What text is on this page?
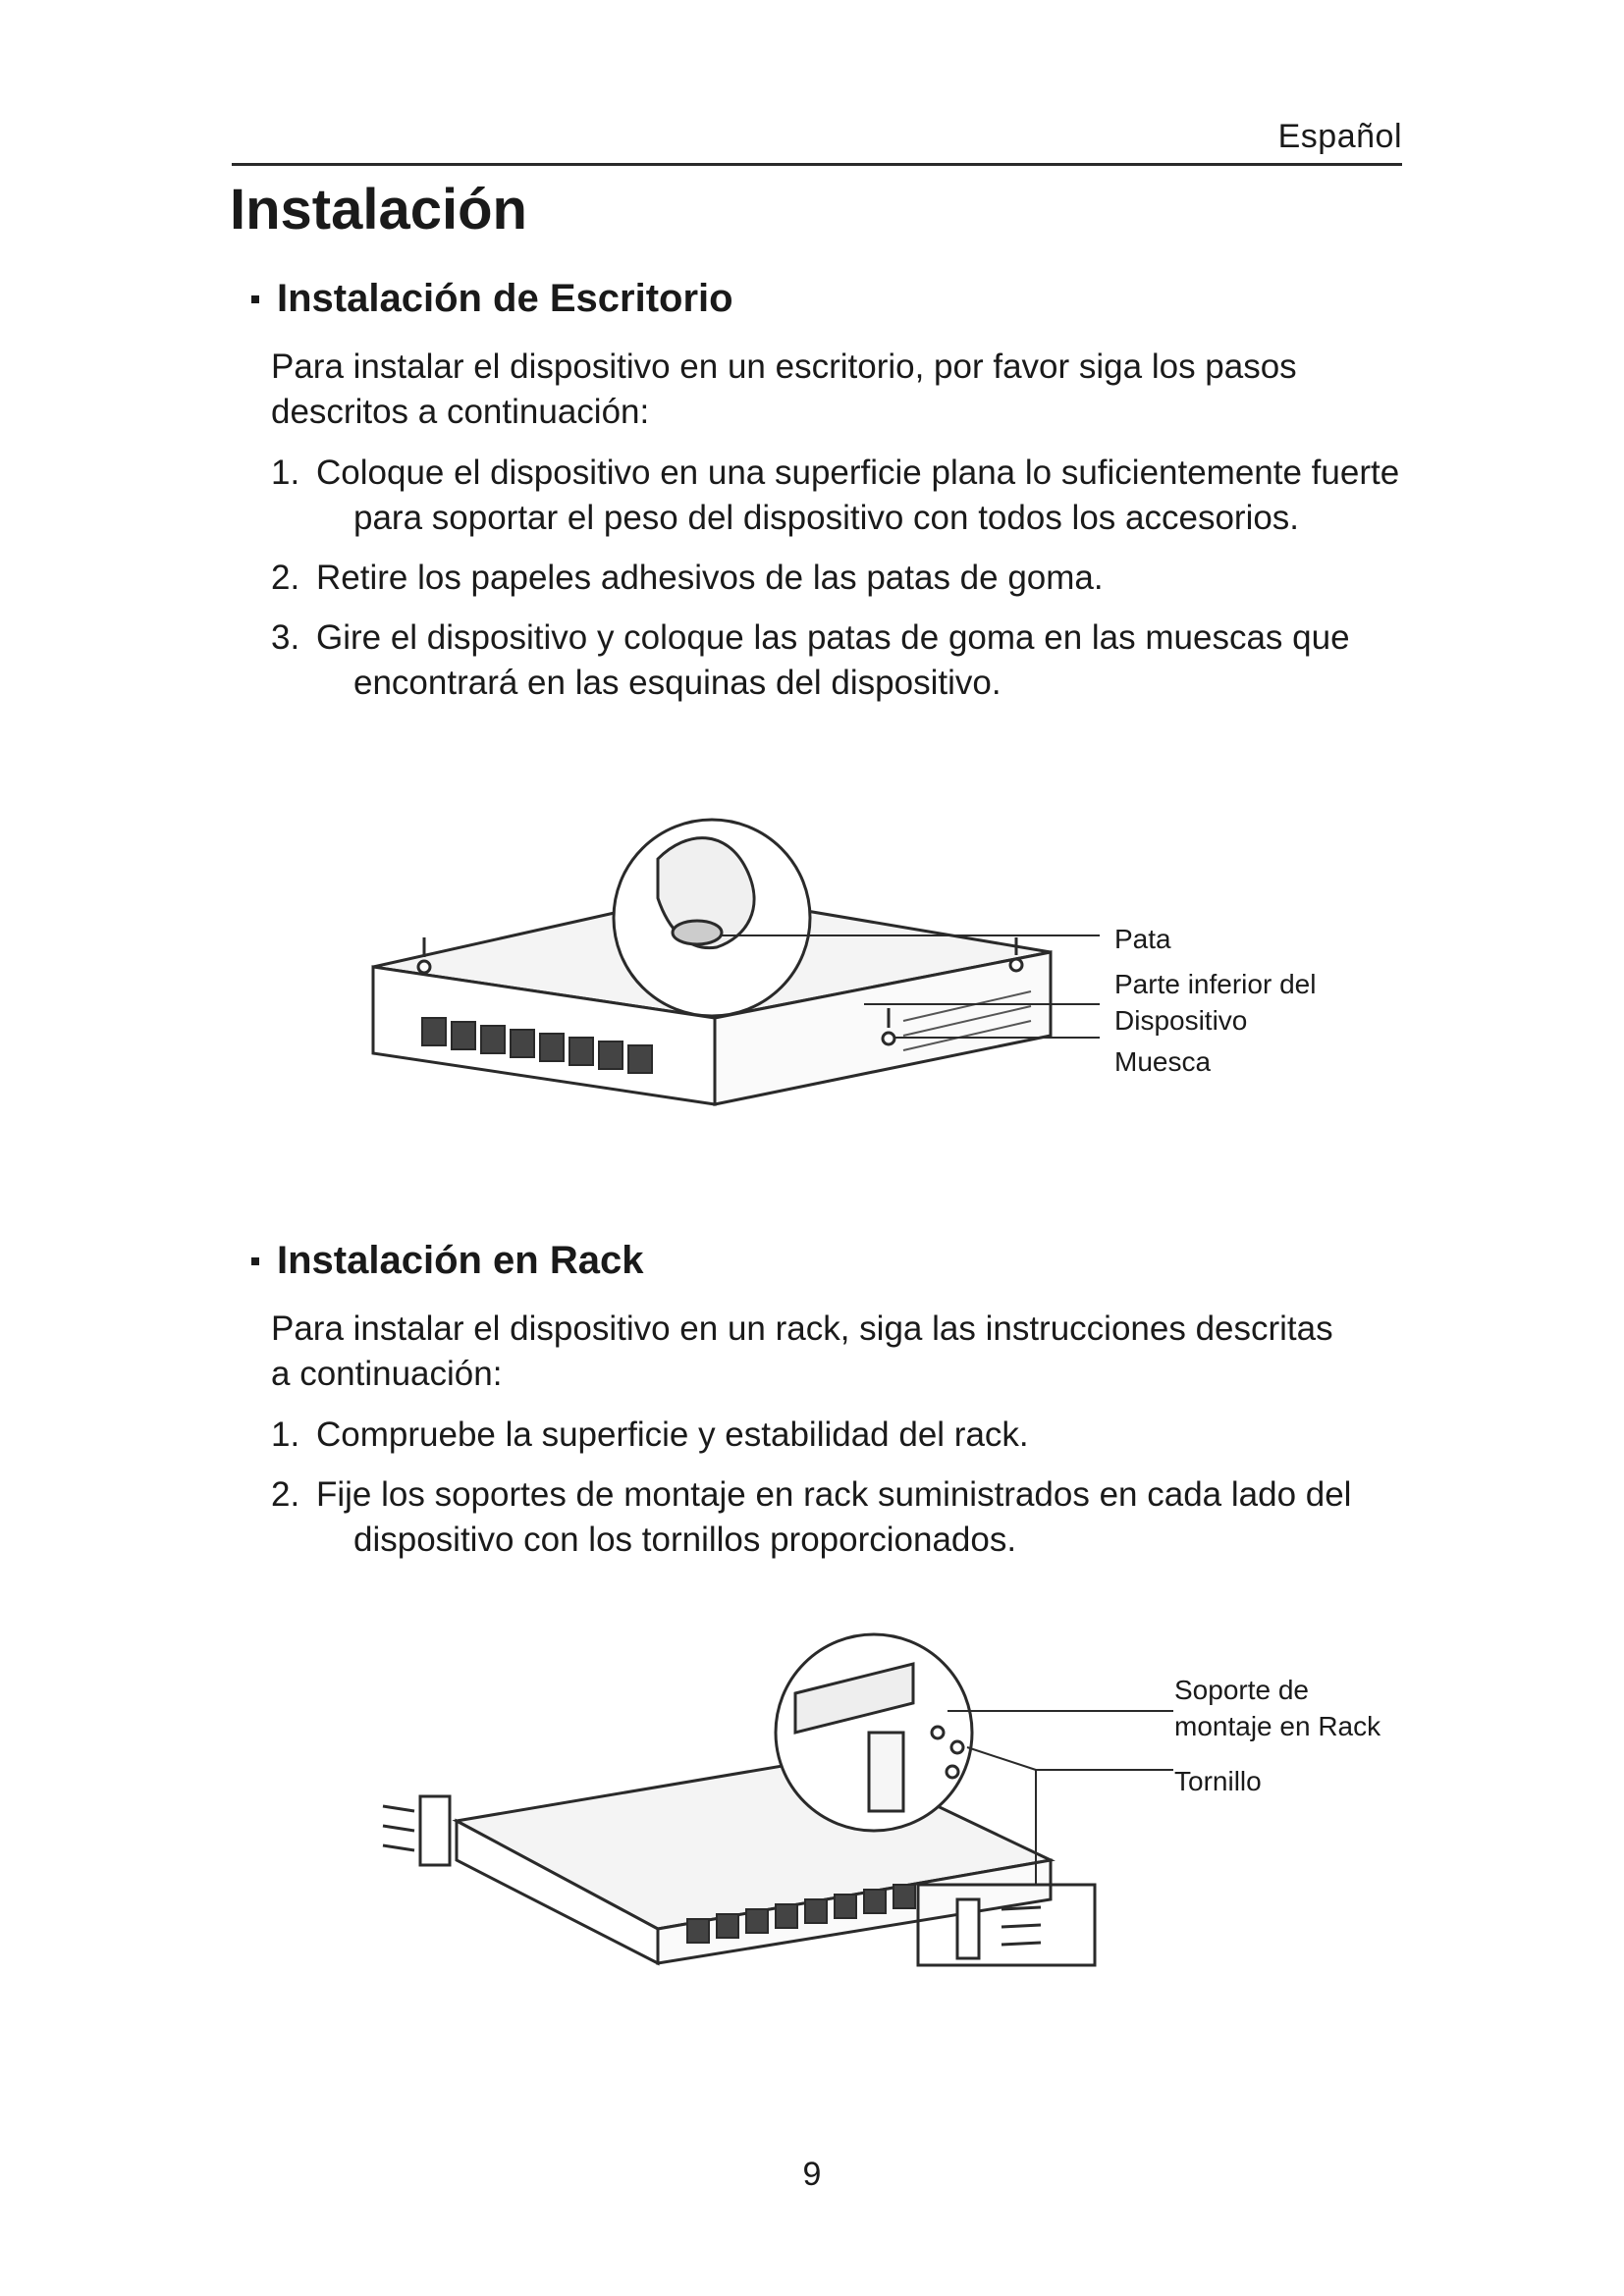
Español
Instalación
Instalación de Escritorio

Para instalar el dispositivo en un escritorio, por favor siga los pasos descritos a continuación:

1. Coloque el dispositivo en una superficie plana lo suficientemente fuerte para soportar el peso del dispositivo con todos los accesorios.
2. Retire los papeles adhesivos de las patas de goma.
3. Gire el dispositivo y coloque las patas de goma en las muescas que encontrará en las esquinas del dispositivo.
Pata
Parte inferior del
Dispositivo
Muesca
Instalación en Rack

Para instalar el dispositivo en un rack, siga las instrucciones descritas a continuación:

1. Compruebe la superficie y estabilidad del rack.
2. Fije los soportes de montaje en rack suministrados en cada lado del dispositivo con los tornillos proporcionados.
Soporte de
montaje en Rack
Tornillo
9
